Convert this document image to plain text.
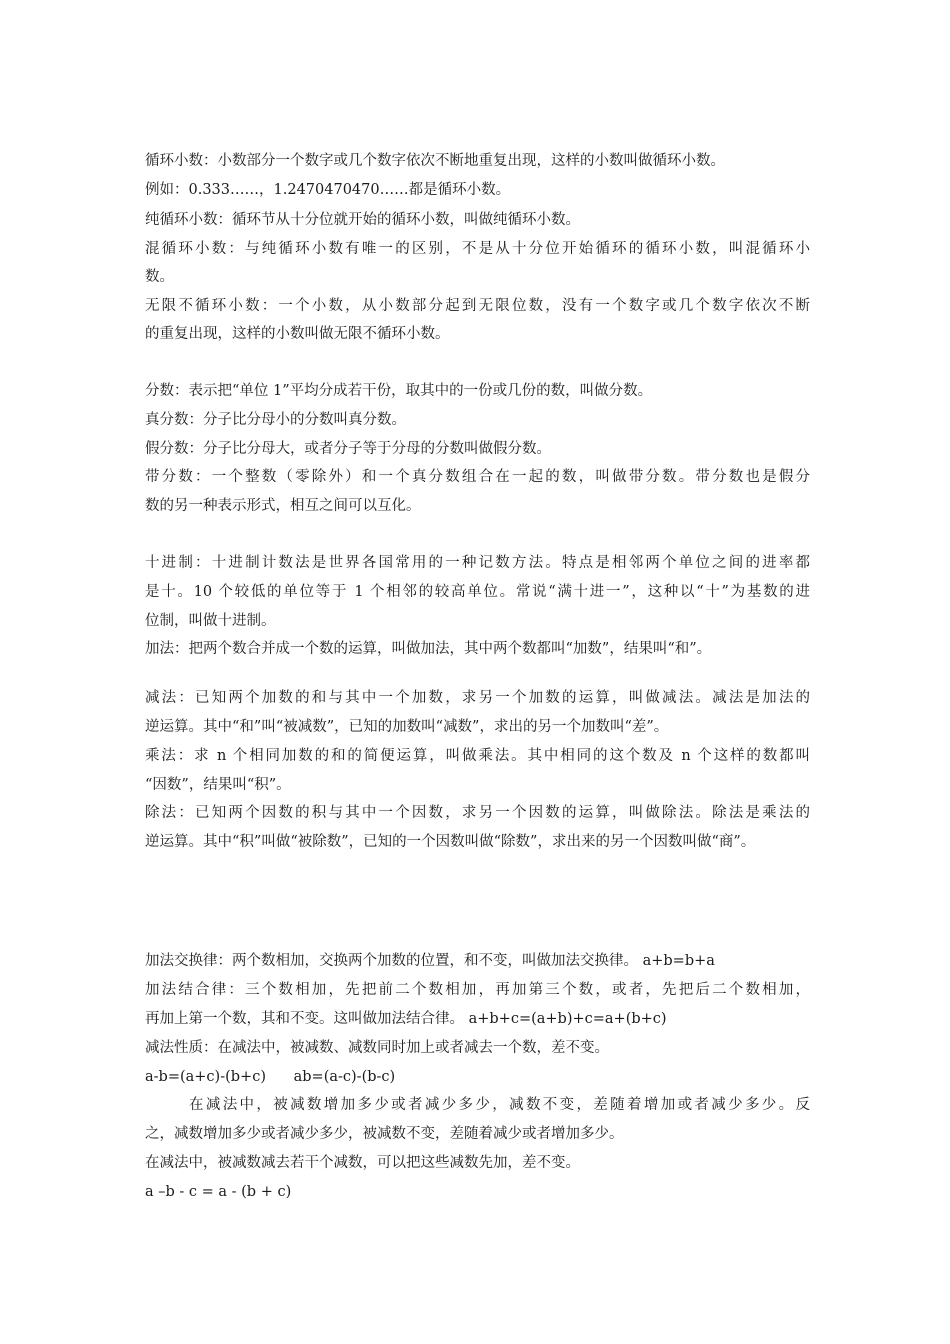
循环小数：小数部分一个数字或几个数字依次不断地重复出现，这样的小数叫做循环小数。
例如：0.333……，1.2470470470……都是循环小数。
纯循环小数：循环节从十分位就开始的循环小数，叫做纯循环小数。
混循环小数：与纯循环小数有唯一的区别，不是从十分位开始循环的循环小数，叫混循环小
数。
无限不循环小数：一个小数，从小数部分起到无限位数，没有一个数字或几个数字依次不断
的重复出现，这样的小数叫做无限不循环小数。
分数：表示把“单位 1”平均分成若干份，取其中的一份或几份的数，叫做分数。
真分数：分子比分母小的分数叫真分数。
假分数：分子比分母大，或者分子等于分母的分数叫做假分数。
带分数：一个整数（零除外）和一个真分数组合在一起的数，叫做带分数。带分数也是假分
数的另一种表示形式，相互之间可以互化。
十进制：十进制计数法是世界各国常用的一种记数方法。特点是相邻两个单位之间的进率都
是十。10 个较低的单位等于 1 个相邻的较高单位。常说“满十进一”，这种以“十”为基数的进
位制，叫做十进制。
加法：把两个数合并成一个数的运算，叫做加法，其中两个数都叫“加数”，结果叫“和”。
减法：已知两个加数的和与其中一个加数，求另一个加数的运算，叫做减法。减法是加法的
逆运算。其中“和”叫“被减数”，已知的加数叫“减数”，求出的另一个加数叫“差”。
乘法：求 n 个相同加数的和的简便运算，叫做乘法。其中相同的这个数及 n 个这样的数都叫
“因数”，结果叫“积”。
除法：已知两个因数的积与其中一个因数，求另一个因数的运算，叫做除法。除法是乘法的
逆运算。其中“积”叫做“被除数”，已知的一个因数叫做“除数”，求出来的另一个因数叫做“商”。
加法交换律：两个数相加，交换两个加数的位置，和不变，叫做加法交换律。 a+b=b+a
加法结合律：三个数相加，先把前二个数相加，再加第三个数，或者，先把后二个数相加，
再加上第一个数，其和不变。这叫做加法结合律。 a+b+c=(a+b)+c=a+(b+c)
减法性质：在减法中，被减数、减数同时加上或者减去一个数，差不变。
a-b=(a+c)-(b+c)      ab=(a-c)-(b-c)
在减法中，被减数增加多少或者减少多少，减数不变，差随着增加或者减少多少。反
之，减数增加多少或者减少多少，被减数不变，差随着减少或者增加多少。
在减法中，被减数减去若干个减数，可以把这些减数先加，差不变。
a –b - c = a - (b + c)
